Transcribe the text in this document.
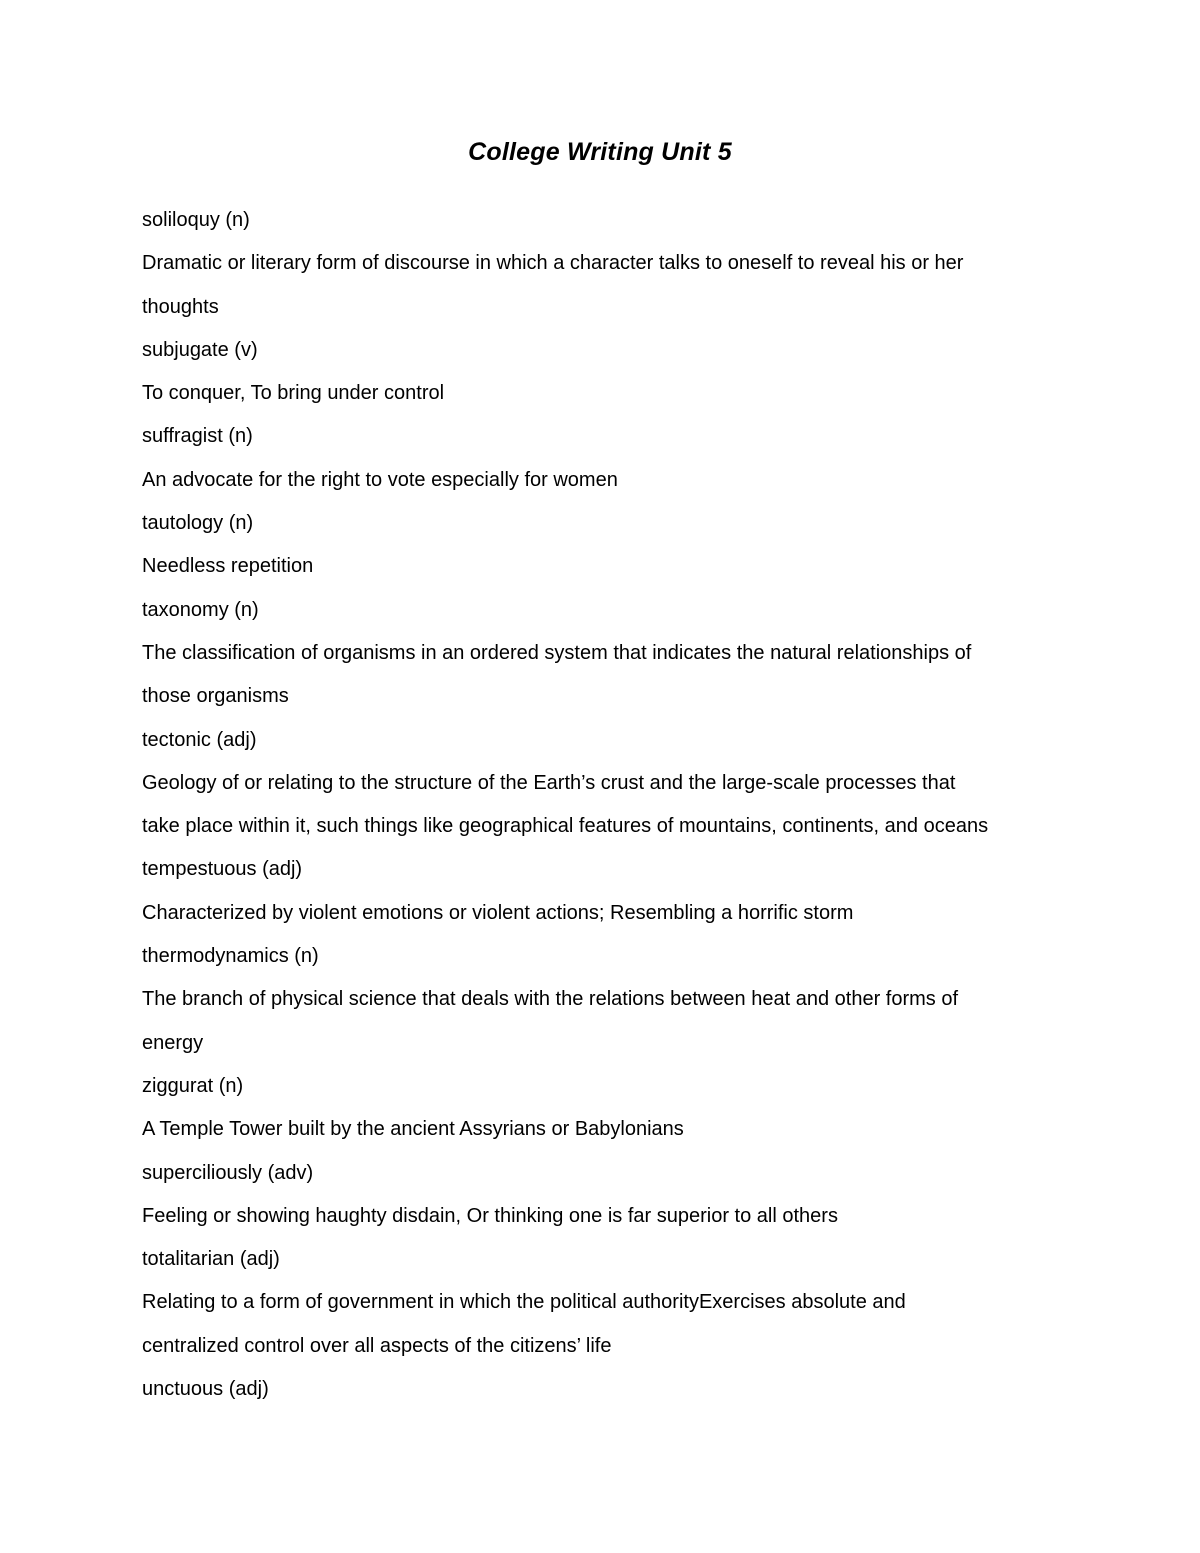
College Writing Unit 5

soliloquy (n)

Dramatic or literary form of discourse in which a character talks to oneself to reveal his or her

thoughts

subjugate (v)

To conquer, To bring under control

suffragist (n)

An advocate for the right to vote especially for women

tautology (n)

Needless repetition

taxonomy (n)

The classification of organisms in an ordered system that indicates the natural relationships of

those organisms

tectonic (adj)

Geology of or relating to the structure of the Earth’s crust and the large-scale processes that

take place within it, such things like geographical features of mountains, continents, and oceans

tempestuous (adj)

Characterized by violent emotions or violent actions; Resembling a horrific storm

thermodynamics (n)

The branch of physical science that deals with the relations between heat and other forms of

energy

ziggurat (n)

A Temple Tower built by the ancient Assyrians or Babylonians

superciliously (adv)

Feeling or showing haughty disdain, Or thinking one is far superior to all others

totalitarian (adj)

Relating to a form of government in which the political authorityExercises absolute and

centralized control over all aspects of the citizens’ life

unctuous (adj)
